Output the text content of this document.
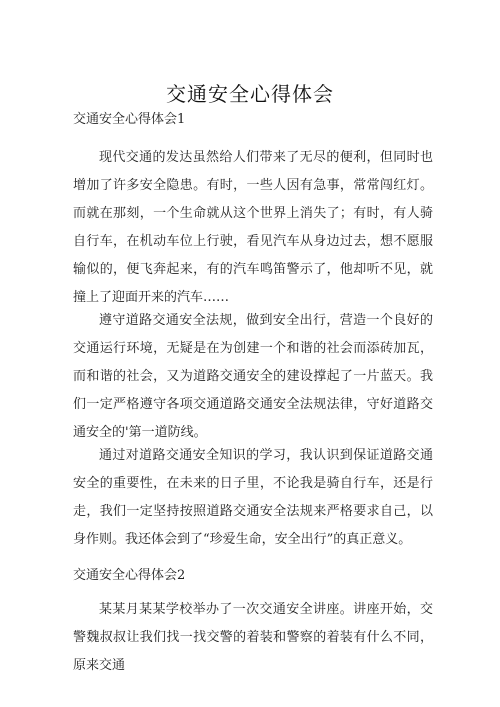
交通安全心得体会
交通安全心得体会1

现代交通的发达虽然给人们带来了无尽的便利，但同时也增加了许多安全隐患。有时，一些人因有急事，常常闯红灯。而就在那刻，一个生命就从这个世界上消失了；有时，有人骑自行车，在机动车位上行驶，看见汽车从身边过去，想不愿服输似的，便飞奔起来，有的汽车鸣笛警示了，他却听不见，就撞上了迎面开来的汽车……

遵守道路交通安全法规，做到安全出行，营造一个良好的交通运行环境，无疑是在为创建一个和谐的社会而添砖加瓦，而和谐的社会，又为道路交通安全的建设撑起了一片蓝天。我们一定严格遵守各项交通道路交通安全法规法律，守好道路交通安全的'第一道防线。

通过对道路交通安全知识的学习，我认识到保证道路交通安全的重要性，在未来的日子里，不论我是骑自行车，还是行走，我们一定坚持按照道路交通安全法规来严格要求自己，以身作则。我还体会到了“珍爱生命，安全出行”的真正意义。

交通安全心得体会2

某某月某某学校举办了一次交通安全讲座。讲座开始，交警魏叔叔让我们找一找交警的着装和警察的着装有什么不同，原来交通
